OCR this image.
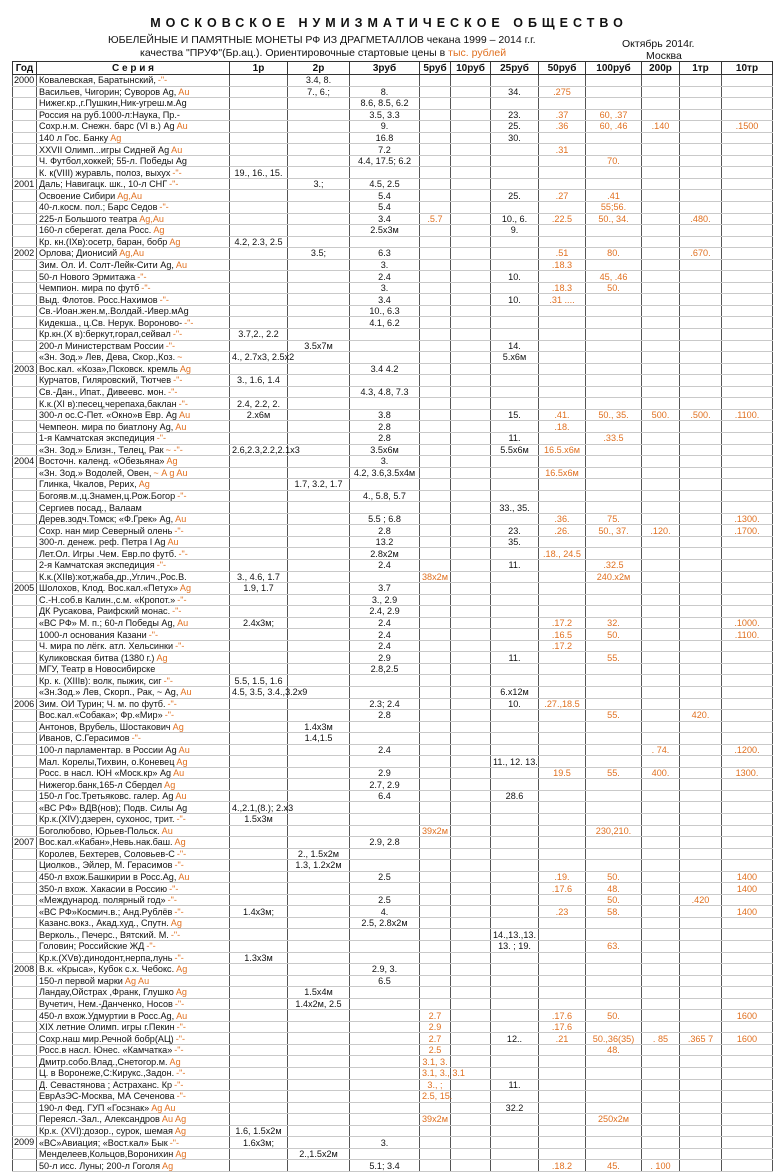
МОСКОВСКОЕ НУМИЗМАТИЧЕСКОЕ ОБЩЕСТВО
ЮБЕЛЕЙНЫЕ И ПАМЯТНЫЕ МОНЕТЫ РФ ИЗ ДРАГМЕТАЛЛОВ чекана 1999 – 2014 г.г.
качества "ПРУФ"(Бр.ац.). Ориентировочные стартовые цены в тыс. рублей
Октябрь 2014г.
Москва
Год	С е р и я	1р	2р	3руб	5руб	10руб	25руб	50руб	100руб	200р	1тр	10тр
2000	Ковалевская, Баратынский, -"-		3.4, 8.									
	Васильев, Чигорин; Суворов Ag, Au		7., 6.;	8.			34.	.275				
	Нижег.кр.,г.Пушкин,Ник-угреш.м.Ag			8.6, 8.5, 6.2								
	Россия на руб.1000-л:Наука, Пр.-			3.5, 3.3			23.	.37	60, .37			
	Сохр.н.м. Снежн. барс (VI в.) Ag Au			9.			25.	.36	60, .46	.140		.1500
	140 л Гос. Банку Ag			16.8			30.					
	XXVII Олимп...игры Сидней Ag Au			7.2				.31				
	Ч. Футбол,хоккей; 55-л. Победы Ag			4.4, 17.5; 6.2					70.			
	К. к(VIII) журавль, полоз, выхух -"-	19., 16., 15.										
2001	Даль; Навигацк. шк., 10-л СНГ -"-		3.;	4.5, 2.5								
	Освоение Сибири Ag,Au			5.4			25.	.27	.41			
	40-л.косм. пол.; Барс Седов -"-			5.4					55;56.			
	225-л Большого театра Ag,Au			3.4	.5.7		10., 6.	.22.5	50., 34.		.480.	
	160-л сберегат. дела Росс. Ag			2.5х3м			9.					
	Кр. кн.(IXв):осетр, баран, бобр Ag	4.2, 2.3, 2.5										
2002	Орлова; Дионисий Ag,Au		3.5;	6.3				.51	80.		.670.	
	Зим. Ол. И. Солт-Лейк-Сити Ag, Au			3.				.18.3				
	50-л Нового Эрмитажа -"-			2.4			10.		45, .46			
	Чемпион. мира по футб -"-			3.				.18.3	50.			
	Выд. Флотов. Росс.Нахимов -"-			3.4			10.	.31 ....				
	Св.-Иоан.жен.м,.Волдай.-Ивер.мAg			10., 6.3								
	Кидекша., ц.Св. Нерук. Вороново- -"-			4.1, 6.2								
	Кр.кн.(X в):беркут,горал,сейвал -"-	3.7,2., 2.2										
	200-л Министерствам России -"-		3.5х7м				14.					
	«Зн. Зод.» Лев, Дева, Скор.,Коз. ~	4., 2.7х3, 2.5х2					5.х6м					
2003	Вос.кал. «Коза»,Псковск. кремль Ag			3.4 4.2								
	Курчатов, Гиляровский, Тютчев -"-	3., 1.6, 1.4										
	Св.-Дан., Ипат., Дивеевс. мон. -"-			4.3, 4.8, 7.3								
	К.к.(XI в):песец,черепаха,баклан -"-	2.4, 2.2, 2.										
	300-л ос.С-Пет. «Окно»в Евр. Ag Au	2.х6м		3.8			15.	.41.	50., 35.	500.	.500.	.1100.
	Чемпеон. мира по биатлону Ag, Au			2.8				.18.				
	1-я Камчатская экспедиция -"-			2.8			11.		.33.5			
	«Зн. Зод.» Близн., Телец, Рак ~ -"-	2.6,2.3,2.2,2.1х3		3.5х6м			5.5х6м	16.5.х6м				
2004	Восточн. календ. «Обезьяна» Ag			3.								
	«Зн. Зод.» Водолей, Овен, ~ A g Au			4.2, 3.6,3.5х4м				16.5х6м				
	Глинка, Чкалов, Рерих, Ag		1.7, 3.2, 1.7									
	Богояв.м.,ц.Знамен,ц.Рож.Богор -"-			4., 5.8, 5.7								
	Сергиев посад., Валаам						33., 35.					
	Дерев.зодч.Томск; «Ф.Грек» Ag, Au			5.5 ; 6.8				.36.	75.			.1300.
	Сохр. нан мир Северный олень -"-			2.8			23.	.26.	50., 37.	.120.		.1700.
	300-л. денеж. реф. Петра I Ag Au			13.2			35.					
	Лет.Ол. Игры .Чем. Евр.по футб. -"-			2.8х2м				.18., 24.5				
	2-я Камчатская экспедиция -"-			2.4			11.		.32.5			
	К.к.(XIIв):кот,жаба,др.,Углич.,Рос.В.	3., 4.6, 1.7			38х2м				240.х2м			
2005	Шолохов, Клод. Вос.кал.«Петух» Ag	1.9, 1.7		3.7								
	С.-Н.соб.в Калин.,с.м. «Кропот.» -"-			3., 2.9								
	ДК Русакова, Раифский монас. -"-			2.4, 2.9								
	«ВС РФ» М. п.; 60-л Победы Ag, Au	2.4х3м;		2.4				.17.2	32.			.1000.
	1000-л основания Казани -"-			2.4				.16.5	50.			.1100.
	Ч. мира по лёгк. атл. Хельсинки -"-			2.4				.17.2				
	Куликовская битва (1380 г.) Ag			2.9			11.		55.			
	МГУ, Театр в Новосибирске			2.8,2.5								
	Кр. к. (XIIIв): волк, пыжик, сиг -"-	5.5, 1.5, 1.6										
	«Зн.Зод.» Лев, Скорп., Рак, ~ Ag, Au	4.5, 3.5, 3.4.,3.2х9					6.х12м					
2006	Зим. ОИ Турин; Ч. м. по футб. -"-			2.3; 2.4			10.	.27.,18.5				
	Вос.кал.«Собака»; Фр.«Мир» -"-			2.8					55.		420.	
	Антонов, Врубель, Шостакович Ag		1.4х3м									
	Иванов, С.Герасимов -"-		1.4,1.5									
	100-л парламентар. в России Ag Au			2.4						. 74.		.1200.
	Мал. Корелы,Тихвин, о.Коневец Ag						11., 12. 13.					
	Росс. в насл. ЮН «Моск.кр» Ag Au			2.9				19.5	55.	400.		1300.
	Нижегор.банк,165-л Сбердел Ag			2.7, 2.9								
	150-л Гос.Третьяковс. галер. Ag Au			6.4			28.6					
	«ВС РФ» ВДВ(нов); Подв. Силы Ag	4.,2.1,(8.); 2.х3										
	Кр.к.(XIV):дзерен, сухонос, трит. -"-	1.5х3м										
	Боголюбово, Юрьев-Польск. Au				39х2м				230,210.			
2007	Вос.кал.«Кабан»,Невь.нак.баш. Ag			2.9, 2.8								
	Королев, Бехтерев, Соловьев-С -"-		2., 1.5х2м									
	Циолков., Эйлер, М. Герасимов -"-		1.3, 1.2х2м									
	450-л вхож.Башкирии в Росс.Ag, Au			2.5				.19.	50.			1400
	350-л вхож. Хакасии в Россию -"-							.17.6	48.			1400
	«Международ. полярный год» -"-			2.5					50.		.420	
	«ВС РФ»Космич.в.; Анд.Рублёв -"-	1.4х3м;		4.				.23	58.			1400
	Казанс.вокз., Акад.худ., Спутн. Ag			2.5, 2.8х2м								
	Верколь., Печерс., Вятский. М. -"-						14.,13.,13.					
	Головин; Российские ЖД -"-						13. ; 19.		63.			
	Кр.к.(XVв):динодонт,нерпа,лунь -"-	1.3х3м										
2008	В.к. «Крыса», Кубок с.х. Чебокс. Ag			2.9, 3.								
	150-л первой марки Ag Au			6.5								
	Ландау,Ойстрах ,Франк, Глушко Ag		1.5х4м									
	Вучетич, Нем.-Данченко, Носов -"-		1.4х2м, 2.5									
	450-л вхож.Удмуртии в Росс.Ag, Au				2.7			.17.6	50.			1600
	XIX летние Олимп. игры г.Пекин -"-				2.9			.17.6				
	Сохр.наш мир.Речной бобр(АЦ) -"-				2.7		12..	.21	50.,36(35)	. 85	.365 7	1600
	Росс.в насл. Юнес. «Камчатка» -"-				2.5				48.			
	Дмитр.собо.Влад.,Снетогор.м. Ag				3.1, 3.							
	Ц. в Воронеже,С:Кирукс.,Задон. -"-				3.1, 3., 3.1							
	Д. Севастянова ; Астраханс. Кр -"-				3., ;		11.					
	ЕврАзЭС-Москва, МА Сеченова -"-				2.5, 15.							
	190-л Фед. ГУП «Госзнак» Ag Au						32.2					
	Переясл.-Зал., Александров Au Ag				39х2м				250х2м			
	Кр.к. (XVI):дозор., сурок, шемая Ag	1.6, 1.5х2м										
2009	«ВС»Авиация; «Вост.кал» Бык -"-	1.6х3м;		3.								
	Менделеев,Кольцов,Воронихин Ag		2.,1.5х2м									
	50-л исс. Луны; 200-л Гоголя Ag			5.1; 3.4				.18.2	45.	. 100		
